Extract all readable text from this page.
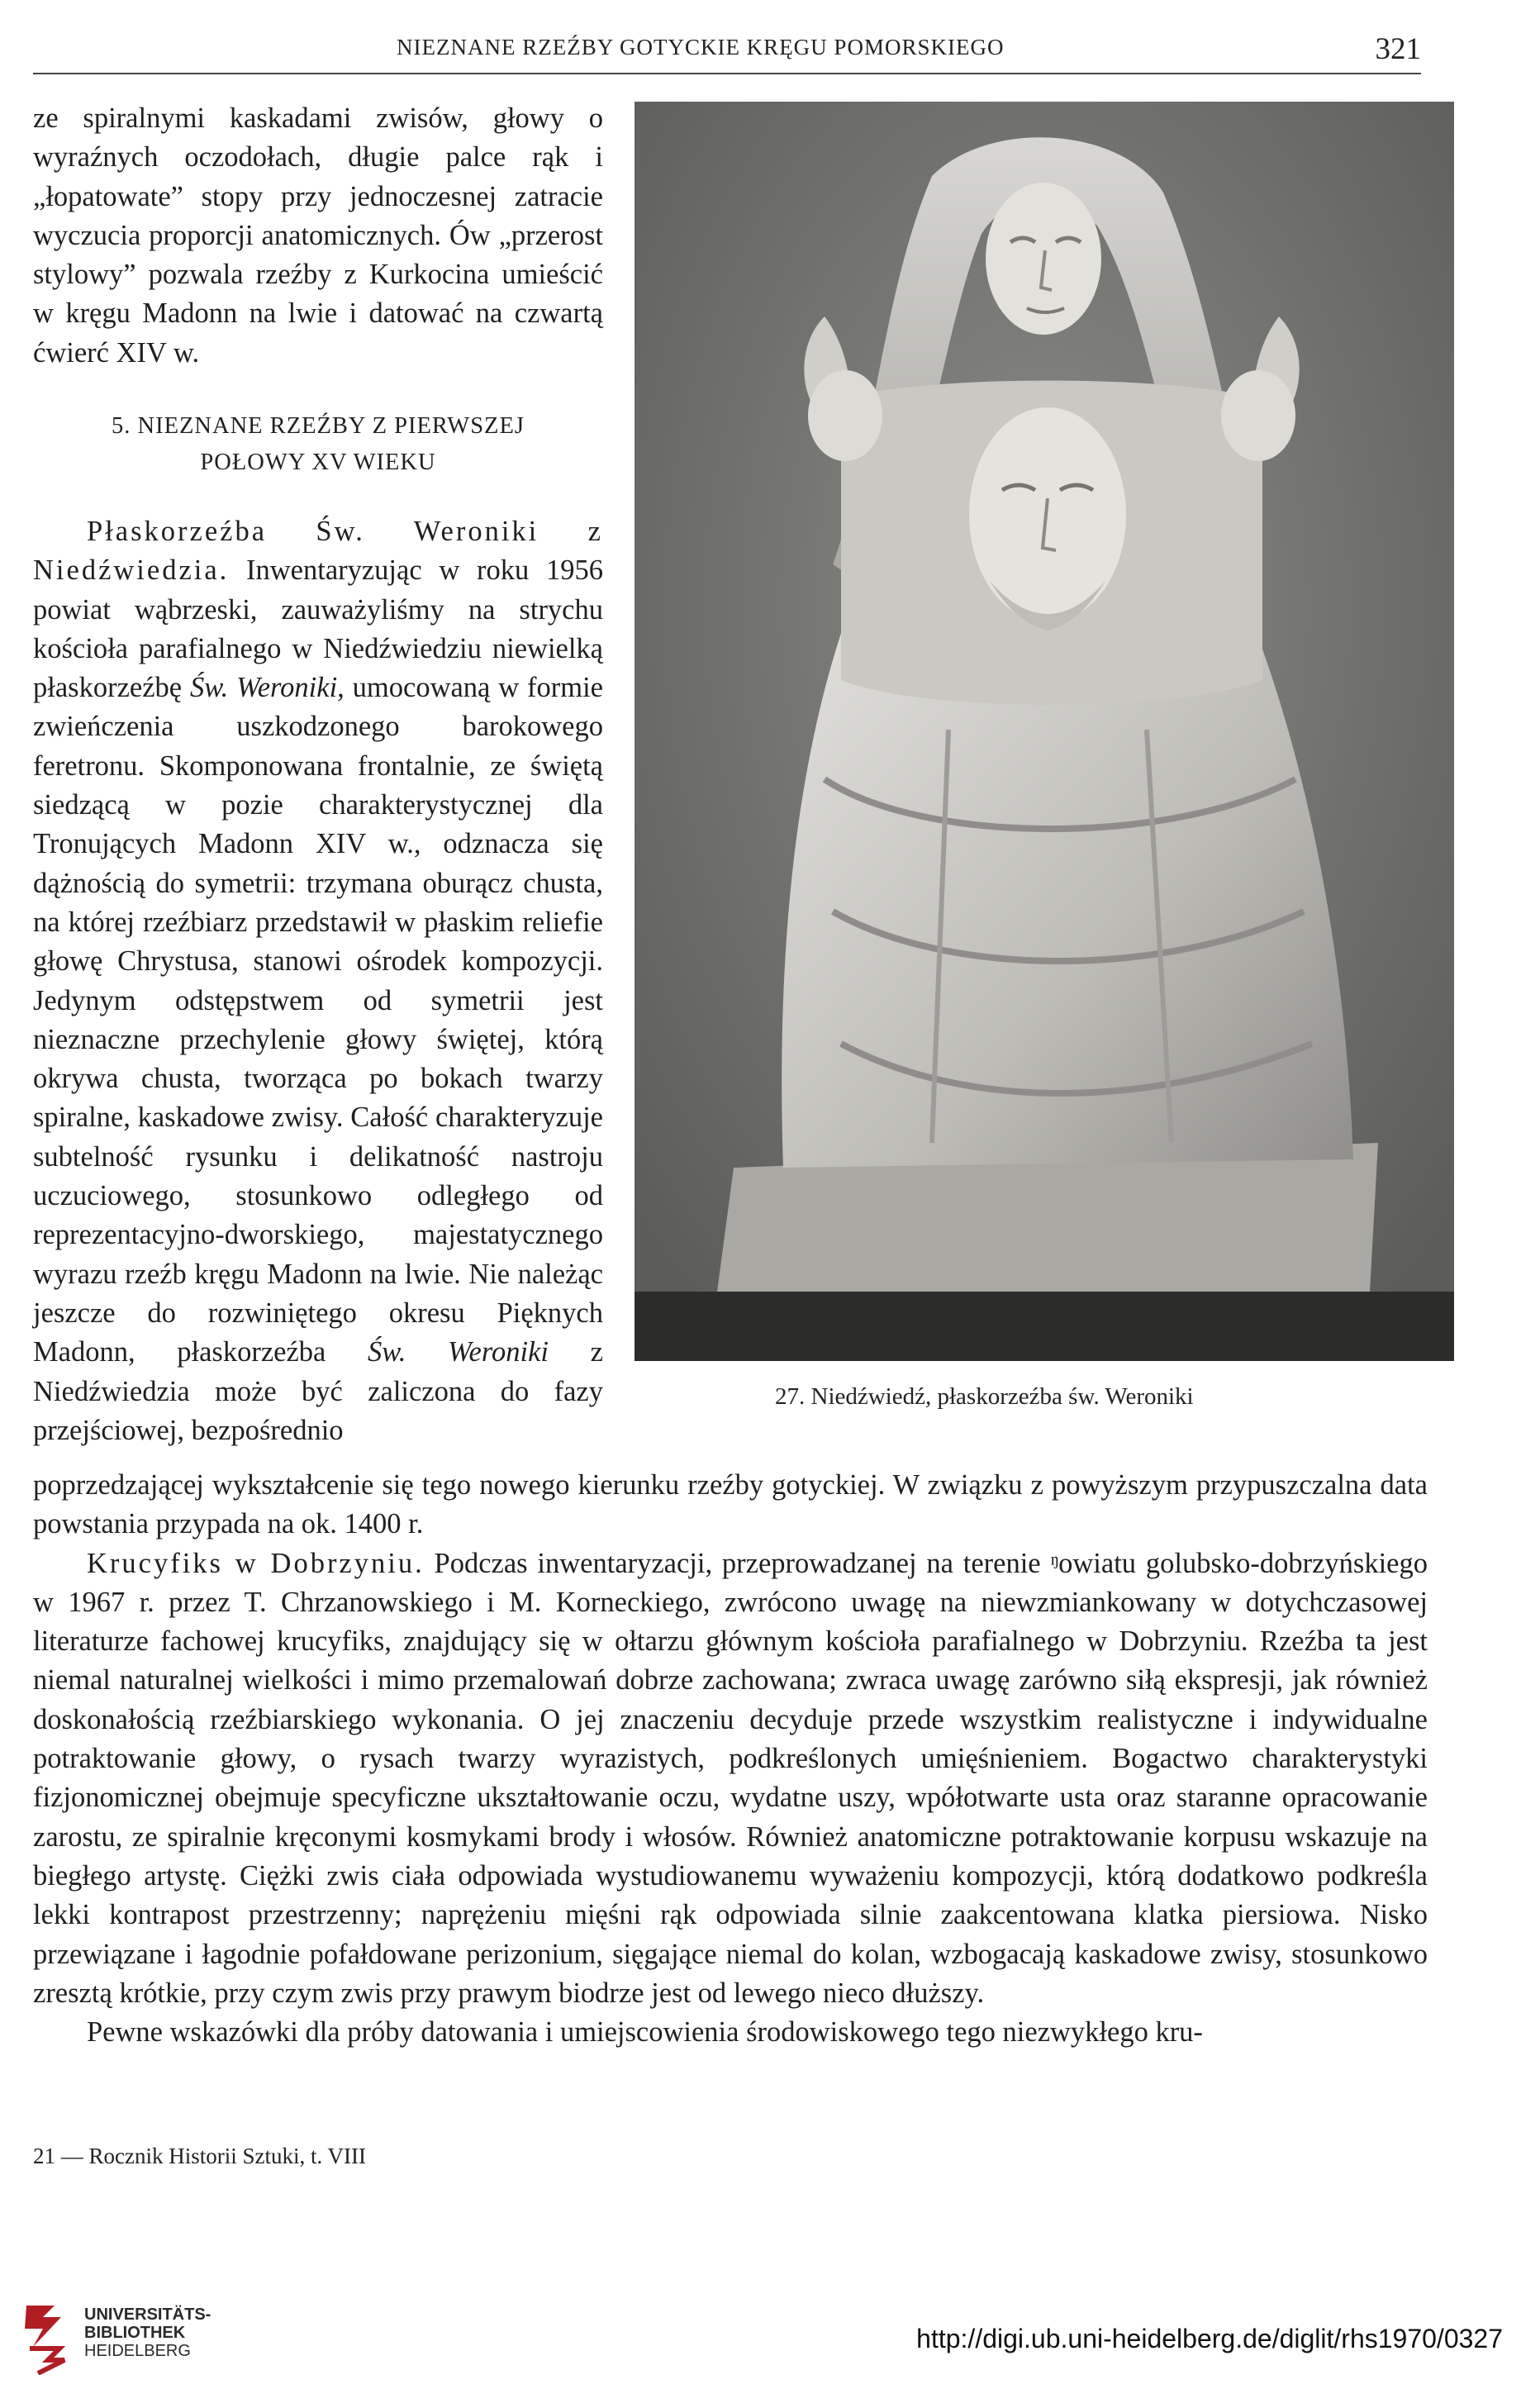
NIEZNANE RZEŹBY GOTYCKIE KRĘGU POMORSKIEGO	321

ze spiralnymi kaskadami zwisów, głowy o wyraźnych oczodołach, długie palce rąk i „łopatowate” stopy przy jednoczesnej zatracie wyczucia proporcji anatomicznych. Ów „przerost stylowy” pozwala rzeźby z Kurkocina umieścić w kręgu Madonn na lwie i datować na czwartą ćwierć XIV w.

5. NIEZNANE RZEŹBY Z PIERWSZEJ
POŁOWY XV WIEKU

Płaskorzeźba Św. Weroniki z Niedźwiedzia. Inwentaryzując w roku 1956 powiat wąbrzeski, zauważyliśmy na strychu kościoła parafialnego w Niedźwiedziu niewielką płaskorzeźbę Św. Weroniki, umocowaną w formie zwieńczenia uszkodzonego barokowego feretronu. Skomponowana frontalnie, ze świętą siedzącą w pozie charakterystycznej dla Tronujących Madonn XIV w., odznacza się dążnością do symetrii: trzymana oburącz chusta, na której rzeźbiarz przedstawił w płaskim reliefie głowę Chrystusa, stanowi ośrodek kompozycji. Jedynym odstępstwem od symetrii jest nieznaczne przechylenie głowy świętej, którą okrywa chusta, tworząca po bokach twarzy spiralne, kaskadowe zwisy. Całość charakteryzuje subtelność rysunku i delikatność nastroju uczuciowego, stosunkowo odległego od reprezentacyjno-dworskiego, majestatycznego wyrazu rzeźb kręgu Madonn na lwie. Nie należąc jeszcze do rozwiniętego okresu Pięknych Madonn, płaskorzeźba Św. Weroniki z Niedźwiedzia może być zaliczona do fazy przejściowej, bezpośrednio

poprzedzającej wykształcenie się tego nowego kierunku rzeźby gotyckiej. W związku z powyższym przypuszczalna data powstania przypada na ok. 1400 r.

Krucyfiks w Dobrzyniu. Podczas inwentaryzacji, przeprowadzanej na terenie ᵑowiatu golubsko-dobrzyńskiego w 1967 r. przez T. Chrzanowskiego i M. Korneckiego, zwrócono uwagę na niewzmiankowany w dotychczasowej literaturze fachowej krucyfiks, znajdujący się w ołtarzu głównym kościoła parafialnego w Dobrzyniu. Rzeźba ta jest niemal naturalnej wielkości i mimo przemalowań dobrze zachowana; zwraca uwagę zarówno siłą ekspresji, jak również doskonałością rzeźbiarskiego wykonania. O jej znaczeniu decyduje przede wszystkim realistyczne i indywidualne potraktowanie głowy, o rysach twarzy wyrazistych, podkreślonych umięśnieniem. Bogactwo charakterystyki fizjonomicznej obejmuje specyficzne ukształtowanie oczu, wydatne uszy, wpółotwarte usta oraz staranne opracowanie zarostu, ze spiralnie kręconymi kosmykami brody i włosów. Również anatomiczne potraktowanie korpusu wskazuje na biegłego artystę. Ciężki zwis ciała odpowiada wystudiowanemu wyważeniu kompozycji, którą dodatkowo podkreśla lekki kontrapost przestrzenny; naprężeniu mięśni rąk odpowiada silnie zaakcentowana klatka piersiowa. Nisko przewiązane i łagodnie pofałdowane perizonium, sięgające niemal do kolan, wzbogacają kaskadowe zwisy, stosunkowo zresztą krótkie, przy czym zwis przy prawym biodrze jest od lewego nieco dłuższy.

Pewne wskazówki dla próby datowania i umiejscowienia środowiskowego tego niezwykłego kru-

27. Niedźwiedź, płaskorzeźba św. Weroniki
21 — Rocznik Historii Sztuki, t. VIII
UNIVERSITÄTS-
BIBLIOTHEK
HEIDELBERG	http://digi.ub.uni-heidelberg.de/diglit/rhs1970/0327
